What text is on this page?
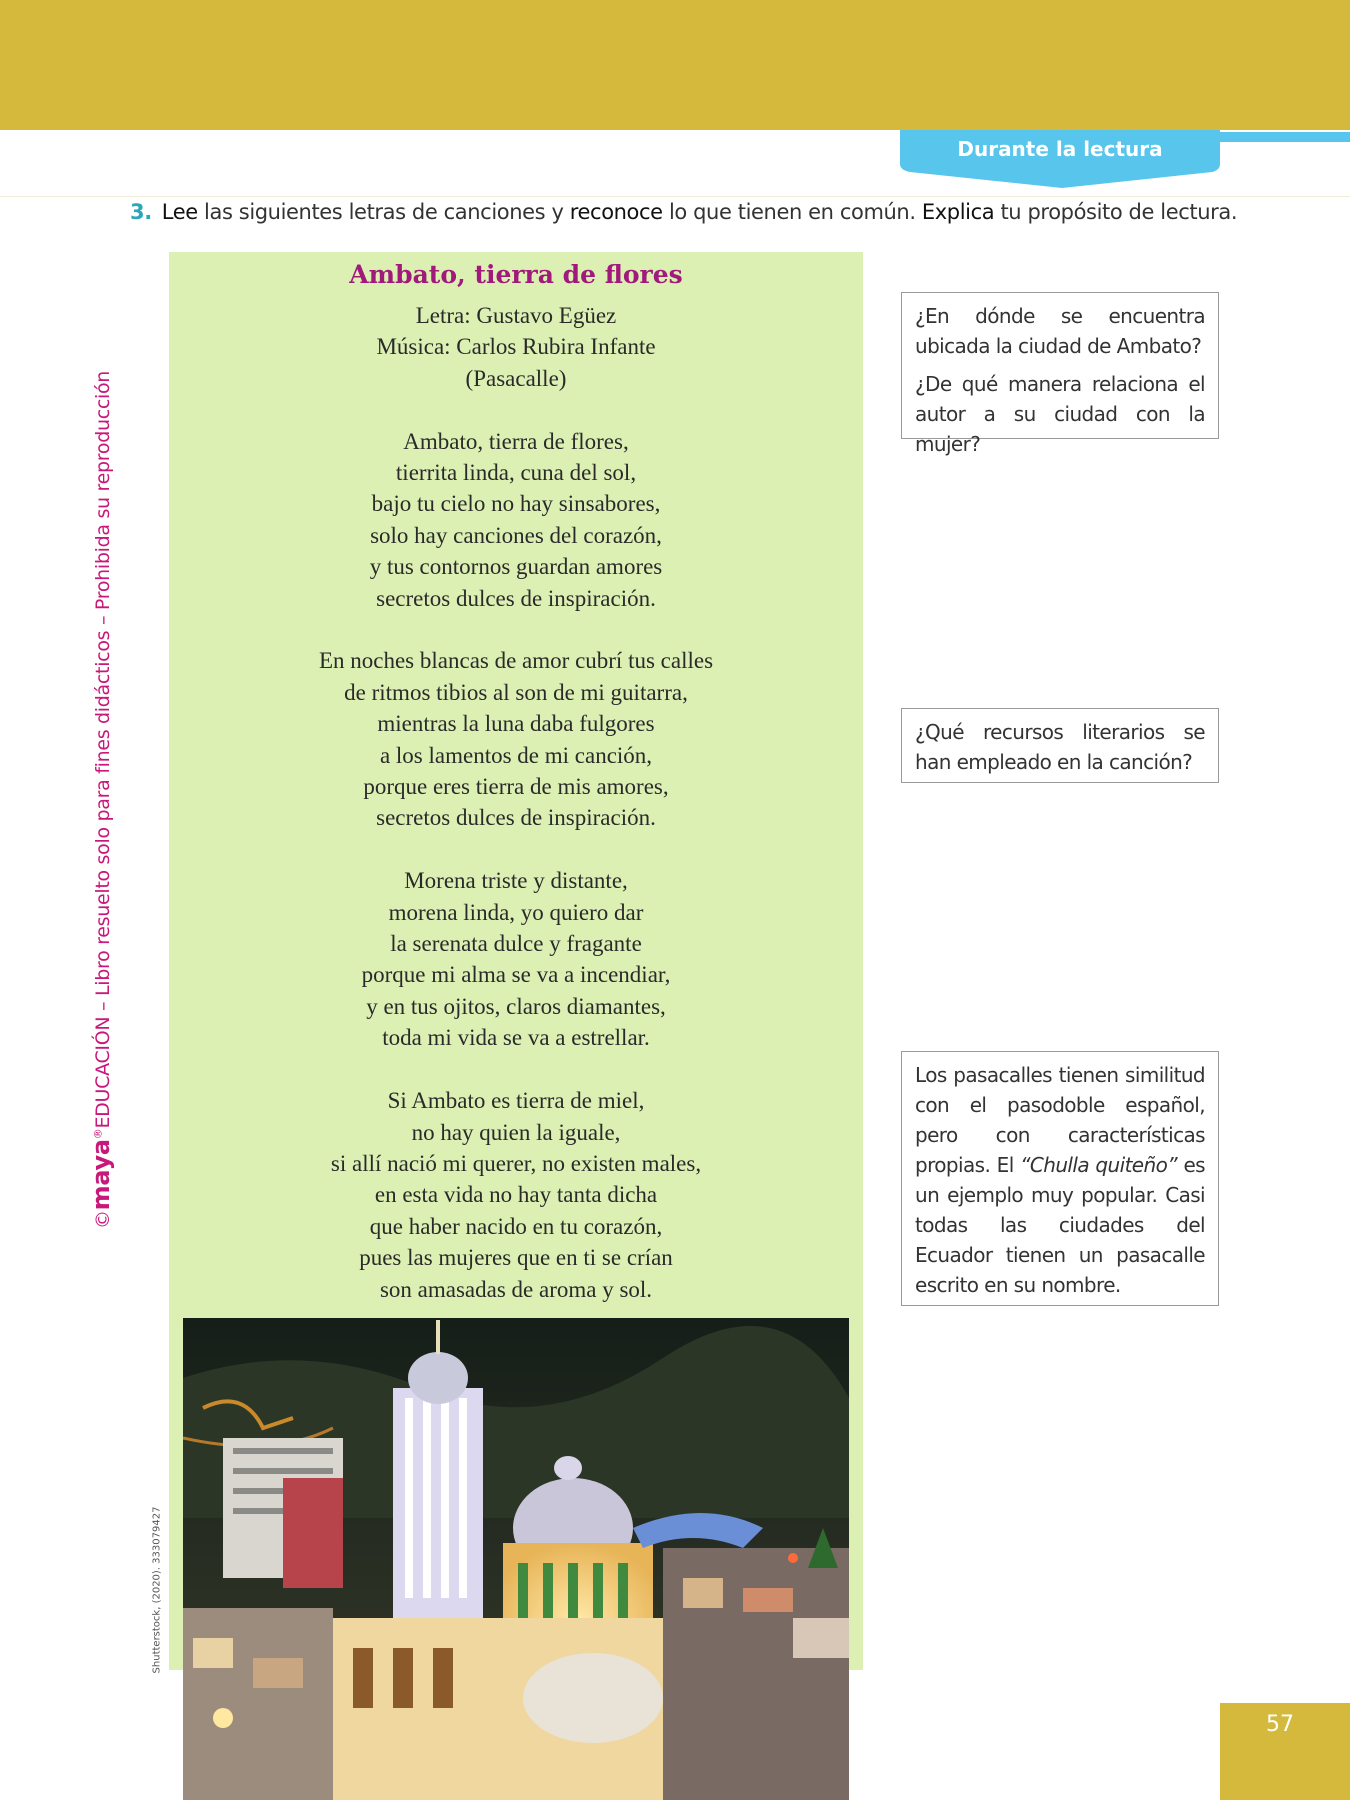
Durante la lectura
3. Lee las siguientes letras de canciones y reconoce lo que tienen en común. Explica tu propósito de lectura.
Ambato, tierra de flores
Letra: Gustavo Egüez
Música: Carlos Rubira Infante
(Pasacalle)
Ambato, tierra de flores,
tierrita linda, cuna del sol,
bajo tu cielo no hay sinsabores,
solo hay canciones del corazón,
y tus contornos guardan amores
secretos dulces de inspiración.
En noches blancas de amor cubrí tus calles
de ritmos tibios al son de mi guitarra,
mientras la luna daba fulgores
a los lamentos de mi canción,
porque eres tierra de mis amores,
secretos dulces de inspiración.
Morena triste y distante,
morena linda, yo quiero dar
la serenata dulce y fragante
porque mi alma se va a incendiar,
y en tus ojitos, claros diamantes,
toda mi vida se va a estrellar.
Si Ambato es tierra de miel,
no hay quien la iguale,
si allí nació mi querer, no existen males,
en esta vida no hay tanta dicha
que haber nacido en tu corazón,
pues las mujeres que en ti se crían
son amasadas de aroma y sol.

¿En dónde se encuentra ubicada la ciudad de Ambato?

¿De qué manera relaciona el autor a su ciudad con la mujer?

¿Qué recursos literarios se han empleado en la canción?

Los pasacalles tienen similitud con el pasodoble español, pero con características propias. El “Chulla quiteño” es un ejemplo muy popular. Casi todas las ciudades del Ecuador tienen un pasacalle escrito en su nombre.

©maya®EDUCACIÓN – Libro resuelto solo para fines didácticos – Prohibida su reproducción
Shutterstock, (2020). 333079427
57
